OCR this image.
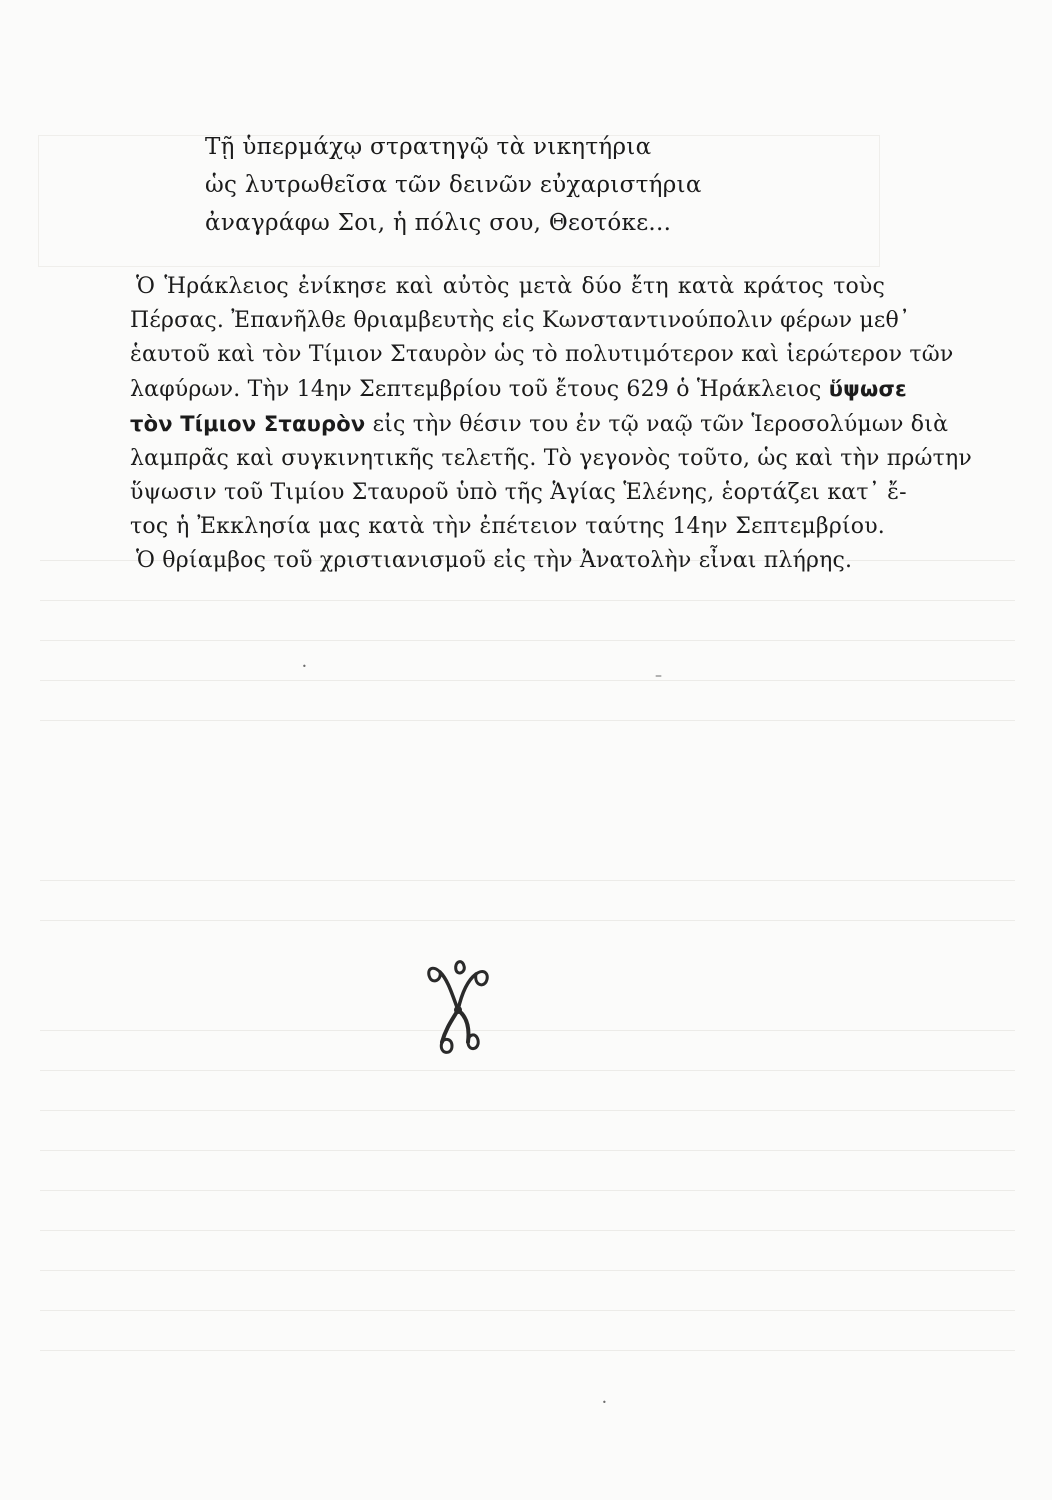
Τῇ ὑπερμάχῳ στρατηγῷ τὰ νικητήρια
ὡς λυτρωθεῖσα τῶν δεινῶν εὐχαριστήρια
ἀναγράφω Σοι, ἡ πόλις σου, Θεοτόκε...
Ὁ Ἡράκλειος ἐνίκησε καὶ αὐτὸς μετὰ δύο ἔτη κατὰ κράτος τοὺς
Πέρσας. Ἐπανῆλθε θριαμβευτὴς εἰς Κωνσταντινούπολιν φέρων μεθ᾽
ἑαυτοῦ καὶ τὸν Τίμιον Σταυρὸν ὡς τὸ πολυτιμότερον καὶ ἱερώτερον τῶν
λαφύρων. Τὴν 14ην Σεπτεμβρίου τοῦ ἔτους 629 ὁ Ἡράκλειος ὕψωσε
τὸν Τίμιον Σταυρὸν εἰς τὴν θέσιν του ἐν τῷ ναῷ τῶν Ἱεροσολύμων διὰ
λαμπρᾶς καὶ συγκινητικῆς τελετῆς. Τὸ γεγονὸς τοῦτο, ὡς καὶ τὴν πρώτην
ὕψωσιν τοῦ Τιμίου Σταυροῦ ὑπὸ τῆς Ἁγίας Ἑλένης, ἑορτάζει κατ᾽ ἔ-
τος ἡ Ἐκκλησία μας κατὰ τὴν ἐπέτειον ταύτης 14ην Σεπτεμβρίου.
Ὁ θρίαμβος τοῦ χριστιανισμοῦ εἰς τὴν Ἀνατολὴν εἶναι πλήρης.
–
•
•
